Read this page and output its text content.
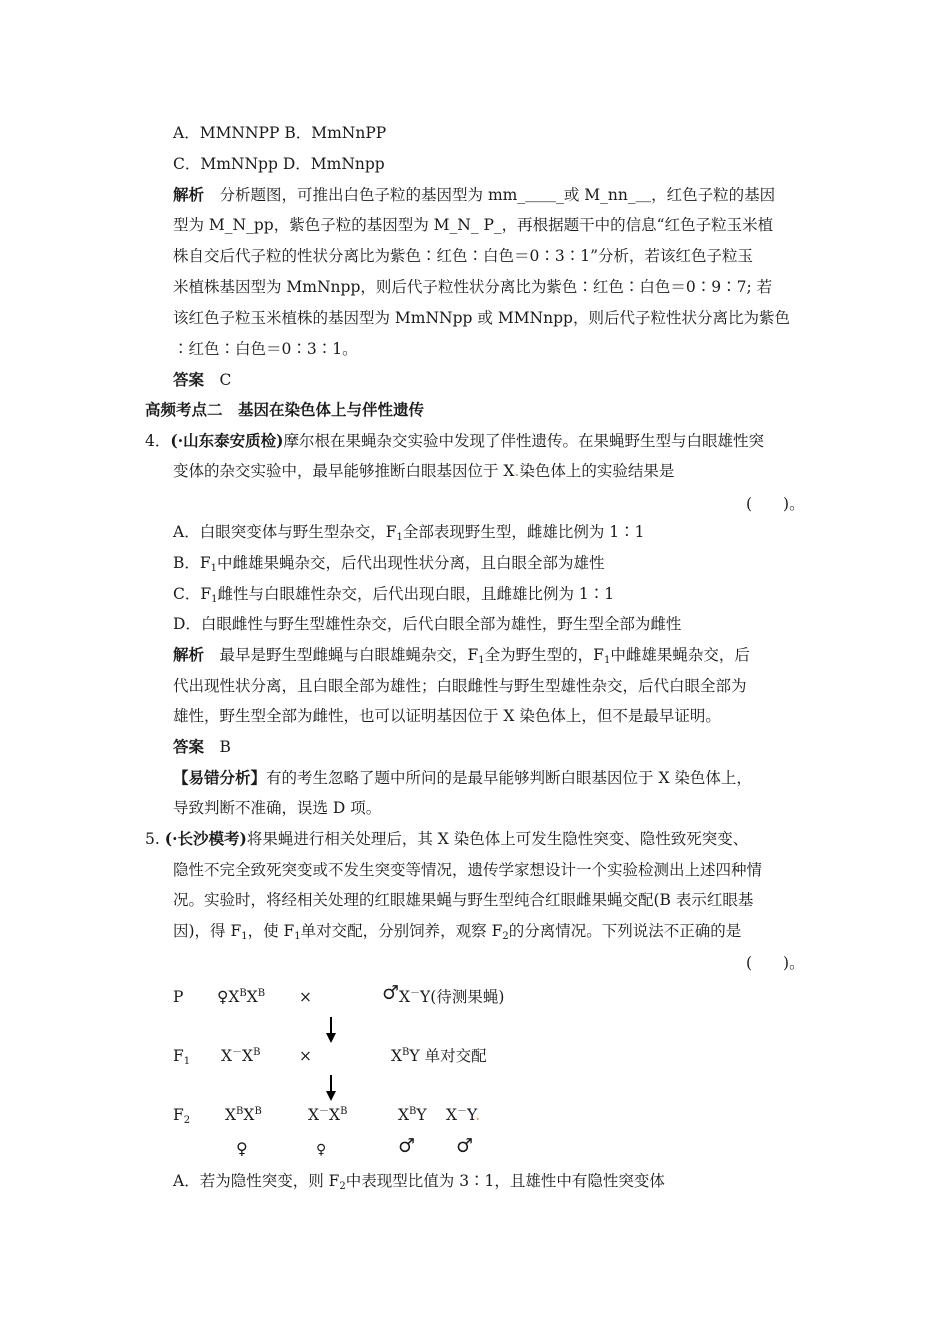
A．MMNNPP B．MmNnPP
C．MmNNpp D．MmNnpp
解析　 分析题图，可推出白色子粒的基因型为 mm_＿＿_或 M_nn_＿，红色子粒的基因
型为 M_N_pp，紫色子粒的基因型为 M_N_ P_，再根据题干中的信息“红色子粒玉米植
株自交后代子粒的性状分离比为紫色∶红色∶白色＝0∶3∶1”分析，若该红色子粒玉
米植株基因型为 MmNnpp，则后代子粒性状分离比为紫色∶红色∶白色＝0∶9∶7; 若
该红色子粒玉米植株的基因型为 MmNNpp 或 MMNnpp，则后代子粒性状分离比为紫色
∶红色∶白色＝0∶3∶1。
答案　 C
高频考点二　基因在染色体上与伴性遗传
4．(·山东泰安质检)摩尔根在果蝇杂交实验中发现了伴性遗传。在果蝇野生型与白眼雄性突
变体的杂交实验中，最早能够推断白眼基因位于 X.染色体上的实验结果是
(　　)。
A．白眼突变体与野生型杂交，$F_1$全部表现野生型，雌雄比例为 1∶1
B．$F_1$中雌雄果蝇杂交，后代出现性状分离，且白眼全部为雄性
C．$F_1$雌性与白眼雄性杂交，后代出现白眼，且雌雄比例为 1∶1
D．白眼雌性与野生型雄性杂交，后代白眼全部为雄性，野生型全部为雌性
解析　 最早是野生型雌蝇与白眼雄蝇杂交，$F_1$全为野生型的，$F_1$中雌雄果蝇杂交，后
代出现性状分离，且白眼全部为雄性；白眼雌性与野生型雄性杂交，后代白眼全部为
雄性，野生型全部为雌性，也可以证明基因位于 X 染色体上，但不是最早证明。
答案　 B
【易错分析】有的考生忽略了题中所问的是最早能够判断白眼基因位于 X 染色体上，
导致判断不准确，误选 D 项。
5. (·长沙模考)将果蝇进行相关处理后，其 X 染色体上可发生隐性突变、隐性致死突变、
隐性不完全致死突变或不发生突变等情况，遗传学家想设计一个实验检测出上述四种情
况。实验时，将经相关处理的红眼雄果蝇与野生型纯合红眼雌果蝇交配(B 表示红眼基
因)，得 $F_1$，使 $F_1$单对交配，分别饲养，观察 $F_2$的分离情况。下列说法不正确的是
(　　)。
P $♀X^BX^B$ ×	♂ X－Y(待测果蝇)
$F_1$ $X^-X^B$ ×	$X^BY$ 单对交配
$F_2$ $X^BX^B$	$X^-X^B$	$X^BY$ X－Y.
♀	♀	♂ ♂
A．若为隐性突变，则 $F_2$中表现型比值为 3∶1，且雄性中有隐性突变体
